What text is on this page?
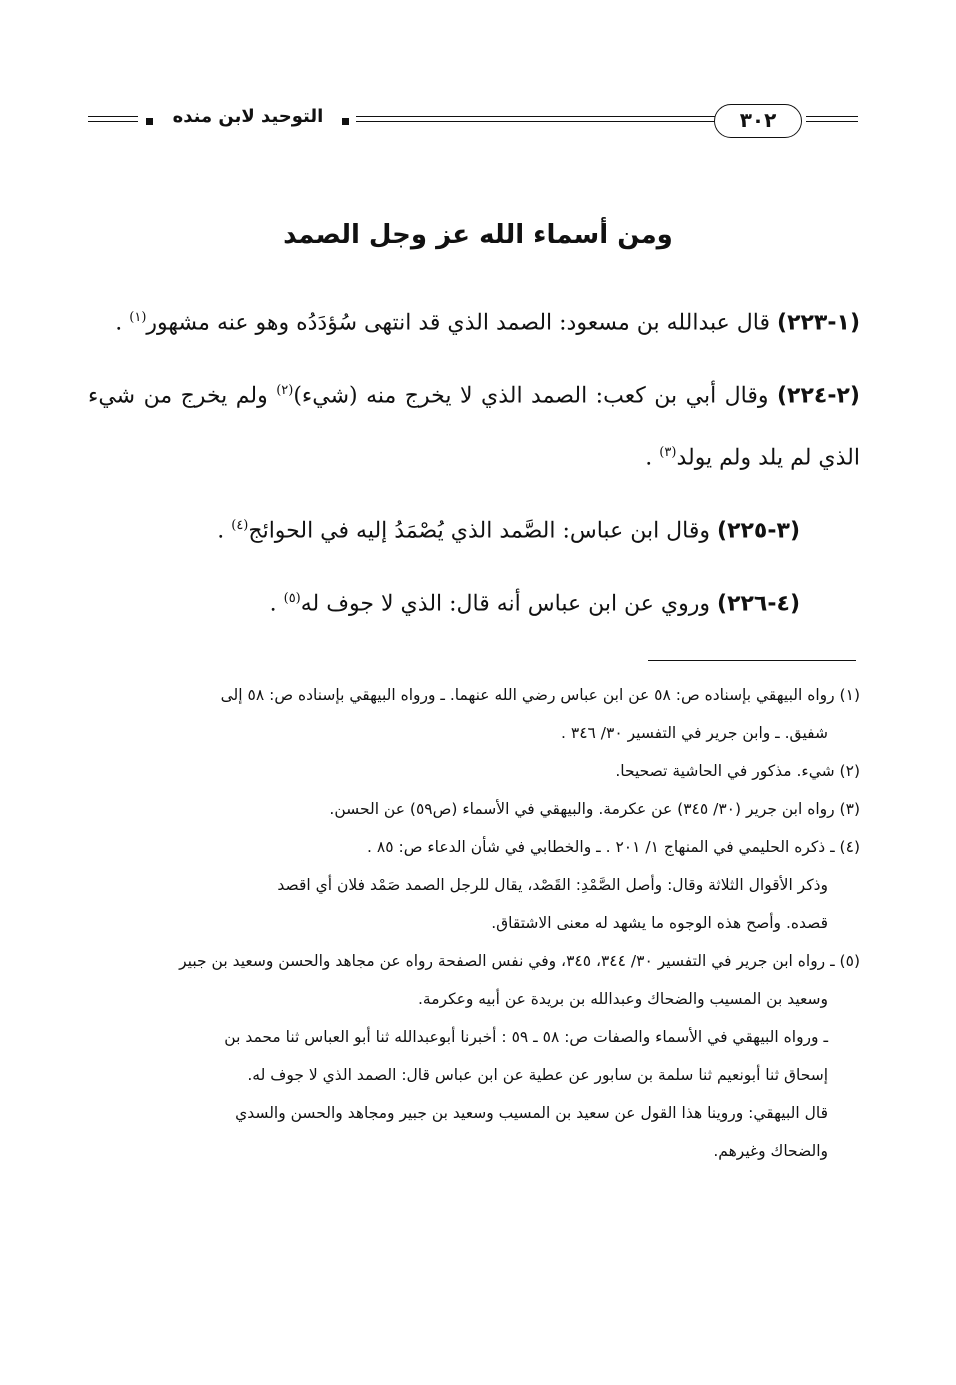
التوحيد لابن منده	٣٠٢
ومن أسماء الله عز وجل الصمد

(١-٢٢٣) قال عبدالله بن مسعود: الصمد الذي قد انتهى سُؤدَدُه وهو عنه مشهور$^{(١)}$ .

(٢-٢٢٤) وقال أبي بن كعب: الصمد الذي لا يخرج منه (شيء)$^{(٢)}$ ولم يخرج من شيء الذي لم يلد ولم يولد$^{(٣)}$ .

(٣-٢٢٥) وقال ابن عباس: الصَّمد الذي يُصْمَدُ إليه في الحوائج$^{(٤)}$ .

(٤-٢٢٦) وروي عن ابن عباس أنه قال: الذي لا جوف له$^{(٥)}$ .

(١) رواه البيهقي بإسناده ص: ٥٨ عن ابن عباس رضي الله عنهما. ـ ورواه البيهقي بإسناده ص: ٥٨ إلى
شفيق. ـ وابن جرير في التفسير ٣٠/ ٣٤٦ .
(٢) شيء. مذكور في الحاشية تصحيحا.
(٣) رواه ابن جرير (٣٠/ ٣٤٥) عن عكرمة. والبيهقي في الأسماء (ص٥٩) عن الحسن.
(٤) ـ ذكره الحليمي في المنهاج ١/ ٢٠١ . ـ والخطابي في شأن الدعاء ص: ٨٥ .
وذكر الأقوال الثلاثة وقال: وأصل الصَّمْدِ: القَصْد، يقال للرجل الصمد صَمْد فلان أي اقصد
قصده. وأصح هذه الوجوه ما يشهد له معنى الاشتقاق.
(٥) ـ رواه ابن جرير في التفسير ٣٠/ ٣٤٤، ٣٤٥، وفي نفس الصفحة رواه عن مجاهد والحسن وسعيد بن جبير
وسعيد بن المسيب والضحاك وعبدالله بن بريدة عن أبيه وعكرمة.
ـ ورواه البيهقي في الأسماء والصفات ص: ٥٨ ـ ٥٩ : أخبرنا أبوعبدالله ثنا أبو العباس ثنا محمد بن
إسحاق ثنا أبونعيم ثنا سلمة بن سابور عن عطية عن ابن عباس قال: الصمد الذي لا جوف له.
قال البيهقي: وروينا هذا القول عن سعيد بن المسيب وسعيد بن جبير ومجاهد والحسن والسدي
والضحاك وغيرهم.
